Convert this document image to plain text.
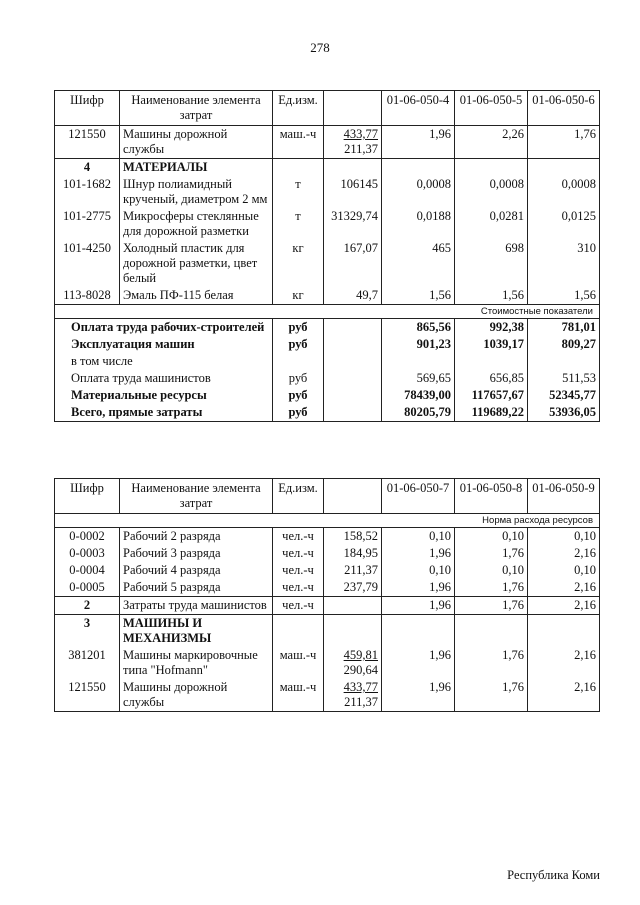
278
Шифр	Наименование элемента затрат	Ед.изм.		01-06-050-4	01-06-050-5	01-06-050-6
121550	Машины дорожной службы	маш.-ч	$\frac{433,77}{211,37}$	1,96	2,26	1,76
4	МАТЕРИАЛЫ					
101-1682	Шнур полиамидный крученый, диаметром 2 мм	т	106145	0,0008	0,0008	0,0008
101-2775	Микросферы стеклянные для дорожной разметки	т	31329,74	0,0188	0,0281	0,0125
101-4250	Холодный пластик для дорожной разметки, цвет белый	кг	167,07	465	698	310
113-8028	Эмаль ПФ-115 белая	кг	49,7	1,56	1,56	1,56
Стоимостные показатели						
Оплата труда рабочих-строителей		руб		865,56	992,38	781,01
Эксплуатация машин		руб		901,23	1039,17	809,27
в том числе						
Оплата труда машинистов		руб		569,65	656,85	511,53
Материальные ресурсы		руб		78439,00	117657,67	52345,77
Всего, прямые затраты		руб		80205,79	119689,22	53936,05
Шифр	Наименование элемента затрат	Ед.изм.		01-06-050-7	01-06-050-8	01-06-050-9
Норма расхода ресурсов						
0-0002	Рабочий 2 разряда	чел.-ч	158,52	0,10	0,10	0,10
0-0003	Рабочий 3 разряда	чел.-ч	184,95	1,96	1,76	2,16
0-0004	Рабочий 4 разряда	чел.-ч	211,37	0,10	0,10	0,10
0-0005	Рабочий 5 разряда	чел.-ч	237,79	1,96	1,76	2,16
2	Затраты труда машинистов	чел.-ч		1,96	1,76	2,16
3	МАШИНЫ И МЕХАНИЗМЫ					
381201	Машины маркировочные типа "Hofmann"	маш.-ч	$\frac{459,81}{290,64}$	1,96	1,76	2,16
121550	Машины дорожной службы	маш.-ч	$\frac{433,77}{211,37}$	1,96	1,76	2,16
Республика Коми
